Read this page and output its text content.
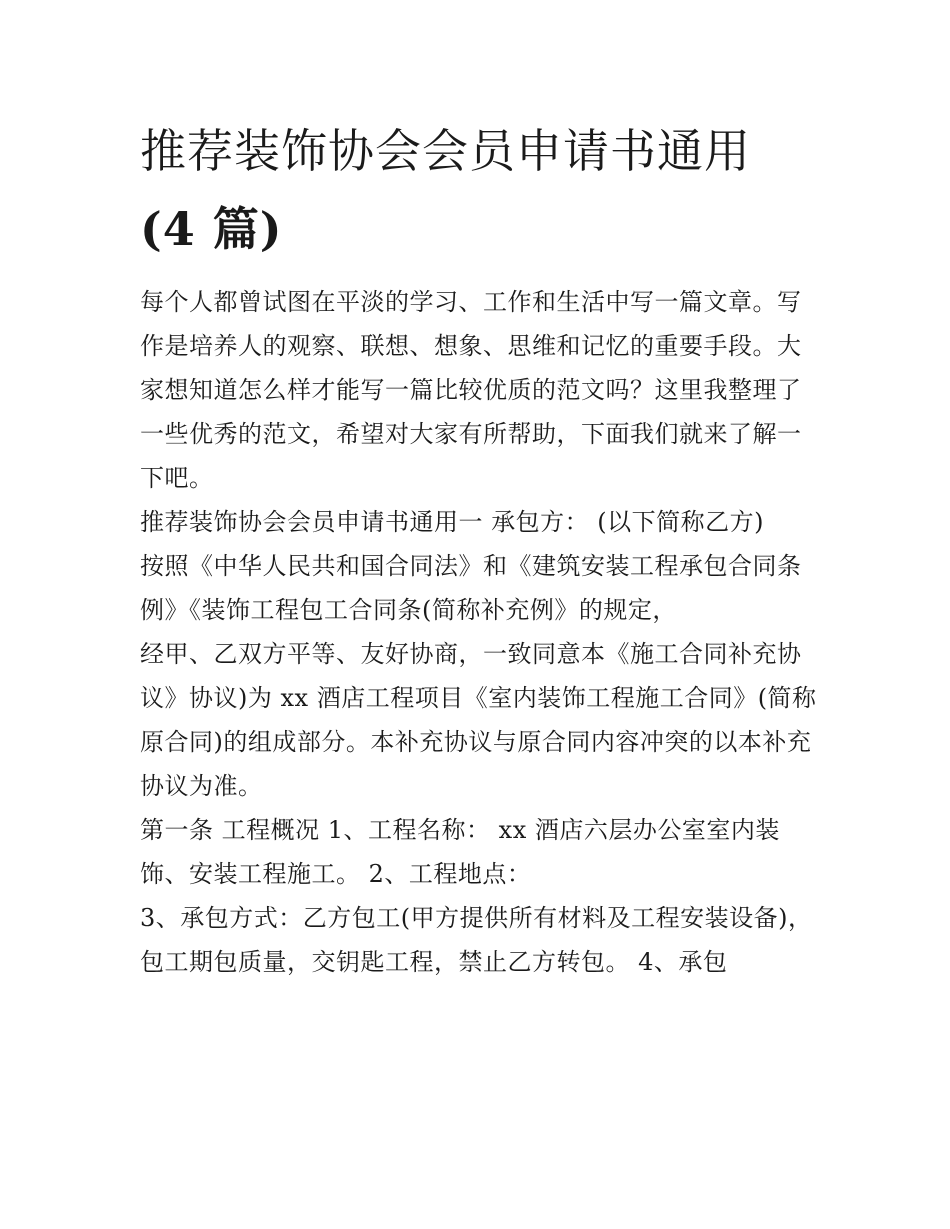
推荐装饰协会会员申请书通用
(4 篇)

每个人都曾试图在平淡的学习、工作和生活中写一篇文章。写作是培养人的观察、联想、想象、思维和记忆的重要手段。大家想知道怎么样才能写一篇比较优质的范文吗？这里我整理了一些优秀的范文，希望对大家有所帮助，下面我们就来了解一下吧。

推荐装饰协会会员申请书通用一 承包方： (以下简称乙方)

按照《中华人民共和国合同法》和《建筑安装工程承包合同条例》《装饰工程包工合同条(简称补充例》的规定，

经甲、乙双方平等、友好协商，一致同意本《施工合同补充协议》协议)为 xx 酒店工程项目《室内装饰工程施工合同》(简称原合同)的组成部分。本补充协议与原合同内容冲突的以本补充协议为准。

第一条 工程概况 1、工程名称： xx 酒店六层办公室室内装饰、安装工程施工。 2、工程地点：

3、承包方式：乙方包工(甲方提供所有材料及工程安装设备)，包工期包质量，交钥匙工程，禁止乙方转包。 4、承包
